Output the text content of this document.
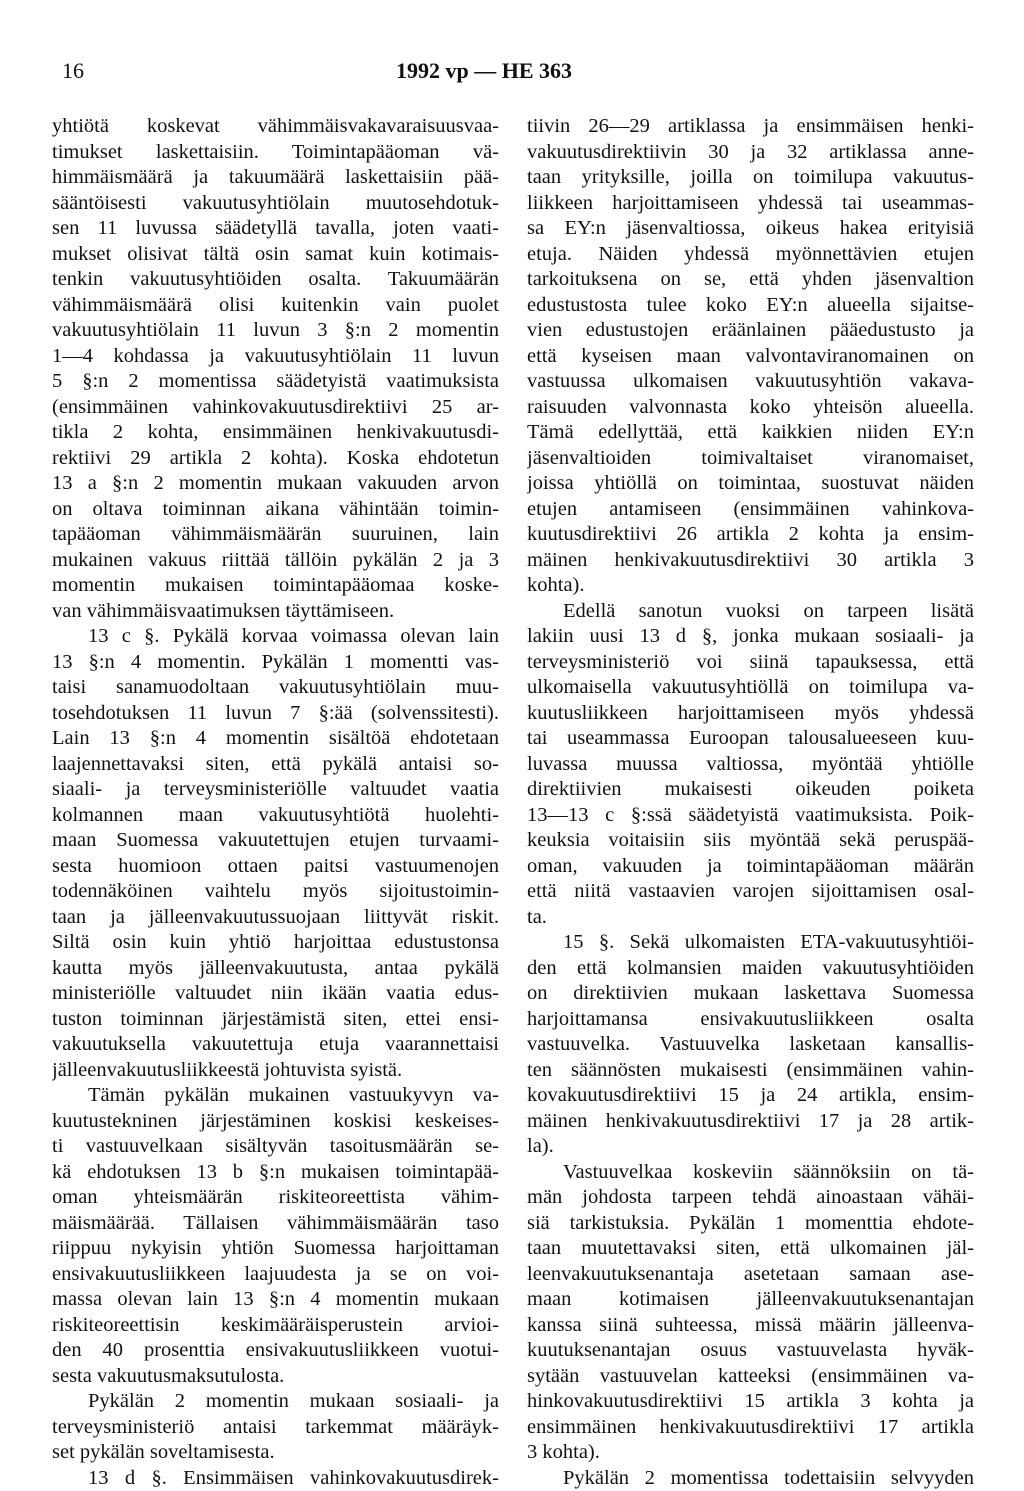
16	1992 vp — HE 363
yhtiötä koskevat vähimmäisvakavaraisuusvaa-
timukset laskettaisiin. Toimintapääoman vä-
himmäismäärä ja takuumäärä laskettaisiin pää-
sääntöisesti vakuutusyhtiölain muutosehdotuk-
sen 11 luvussa säädetyllä tavalla, joten vaati-
mukset olisivat tältä osin samat kuin kotimais-
tenkin vakuutusyhtiöiden osalta. Takuumäärän
vähimmäismäärä olisi kuitenkin vain puolet
vakuutusyhtiölain 11 luvun 3 §:n 2 momentin
1—4 kohdassa ja vakuutusyhtiölain 11 luvun
5 §:n 2 momentissa säädetyistä vaatimuksista
(ensimmäinen vahinkovakuutusdirektiivi 25 ar-
tikla 2 kohta, ensimmäinen henkivakuutusdi-
rektiivi 29 artikla 2 kohta). Koska ehdotetun
13 a §:n 2 momentin mukaan vakuuden arvon
on oltava toiminnan aikana vähintään toimin-
tapääoman vähimmäismäärän suuruinen, lain
mukainen vakuus riittää tällöin pykälän 2 ja 3
momentin mukaisen toimintapääomaa koske-
van vähimmäisvaatimuksen täyttämiseen.
13 c §. Pykälä korvaa voimassa olevan lain
13 §:n 4 momentin. Pykälän 1 momentti vas-
taisi sanamuodoltaan vakuutusyhtiölain muu-
tosehdotuksen 11 luvun 7 §:ää (solvenssitesti).
Lain 13 §:n 4 momentin sisältöä ehdotetaan
laajennettavaksi siten, että pykälä antaisi so-
siaali- ja terveysministeriölle valtuudet vaatia
kolmannen maan vakuutusyhtiötä huolehti-
maan Suomessa vakuutettujen etujen turvaami-
sesta huomioon ottaen paitsi vastuumenojen
todennäköinen vaihtelu myös sijoitustoimin-
taan ja jälleenvakuutussuojaan liittyvät riskit.
Siltä osin kuin yhtiö harjoittaa edustustonsa
kautta myös jälleenvakuutusta, antaa pykälä
ministeriölle valtuudet niin ikään vaatia edus-
tuston toiminnan järjestämistä siten, ettei ensi-
vakuutuksella vakuutettuja etuja vaarannettaisi
jälleenvakuutusliikkeestä johtuvista syistä.
Tämän pykälän mukainen vastuukyvyn va-
kuutustekninen järjestäminen koskisi keskeises-
ti vastuuvelkaan sisältyvän tasoitusmäärän se-
kä ehdotuksen 13 b §:n mukaisen toimintapää-
oman yhteismäärän riskiteoreettista vähim-
mäismäärää. Tällaisen vähimmäismäärän taso
riippuu nykyisin yhtiön Suomessa harjoittaman
ensivakuutusliikkeen laajuudesta ja se on voi-
massa olevan lain 13 §:n 4 momentin mukaan
riskiteoreettisin keskimääräisperustein arvioi-
den 40 prosenttia ensivakuutusliikkeen vuotui-
sesta vakuutusmaksutulosta.
Pykälän 2 momentin mukaan sosiaali- ja
terveysministeriö antaisi tarkemmat määräyk-
set pykälän soveltamisesta.
13 d §. Ensimmäisen vahinkovakuutusdirek-
tiivin 26—29 artiklassa ja ensimmäisen henki-
vakuutusdirektiivin 30 ja 32 artiklassa anne-
taan yrityksille, joilla on toimilupa vakuutus-
liikkeen harjoittamiseen yhdessä tai useammas-
sa EY:n jäsenvaltiossa, oikeus hakea erityisiä
etuja. Näiden yhdessä myönnettävien etujen
tarkoituksena on se, että yhden jäsenvaltion
edustustosta tulee koko EY:n alueella sijaitse-
vien edustustojen eräänlainen pääedustusto ja
että kyseisen maan valvontaviranomainen on
vastuussa ulkomaisen vakuutusyhtiön vakava-
raisuuden valvonnasta koko yhteisön alueella.
Tämä edellyttää, että kaikkien niiden EY:n
jäsenvaltioiden toimivaltaiset viranomaiset,
joissa yhtiöllä on toimintaa, suostuvat näiden
etujen antamiseen (ensimmäinen vahinkova-
kuutusdirektiivi 26 artikla 2 kohta ja ensim-
mäinen henkivakuutusdirektiivi 30 artikla 3
kohta).
Edellä sanotun vuoksi on tarpeen lisätä
lakiin uusi 13 d §, jonka mukaan sosiaali- ja
terveysministeriö voi siinä tapauksessa, että
ulkomaisella vakuutusyhtiöllä on toimilupa va-
kuutusliikkeen harjoittamiseen myös yhdessä
tai useammassa Euroopan talousalueeseen kuu-
luvassa muussa valtiossa, myöntää yhtiölle
direktiivien mukaisesti oikeuden poiketa
13—13 c §:ssä säädetyistä vaatimuksista. Poik-
keuksia voitaisiin siis myöntää sekä peruspää-
oman, vakuuden ja toimintapääoman määrän
että niitä vastaavien varojen sijoittamisen osal-
ta.
15 §. Sekä ulkomaisten ETA-vakuutusyhtiöi-
den että kolmansien maiden vakuutusyhtiöiden
on direktiivien mukaan laskettava Suomessa
harjoittamansa ensivakuutusliikkeen osalta
vastuuvelka. Vastuuvelka lasketaan kansallis-
ten säännösten mukaisesti (ensimmäinen vahin-
kovakuutusdirektiivi 15 ja 24 artikla, ensim-
mäinen henkivakuutusdirektiivi 17 ja 28 artik-
la).
Vastuuvelkaa koskeviin säännöksiin on tä-
män johdosta tarpeen tehdä ainoastaan vähäi-
siä tarkistuksia. Pykälän 1 momenttia ehdote-
taan muutettavaksi siten, että ulkomainen jäl-
leenvakuutuksenantaja asetetaan samaan ase-
maan kotimaisen jälleenvakuutuksenantajan
kanssa siinä suhteessa, missä määrin jälleenva-
kuutuksenantajan osuus vastuuvelasta hyväk-
sytään vastuuvelan katteeksi (ensimmäinen va-
hinkovakuutusdirektiivi 15 artikla 3 kohta ja
ensimmäinen henkivakuutusdirektiivi 17 artikla
3 kohta).
Pykälän 2 momentissa todettaisiin selvyyden
